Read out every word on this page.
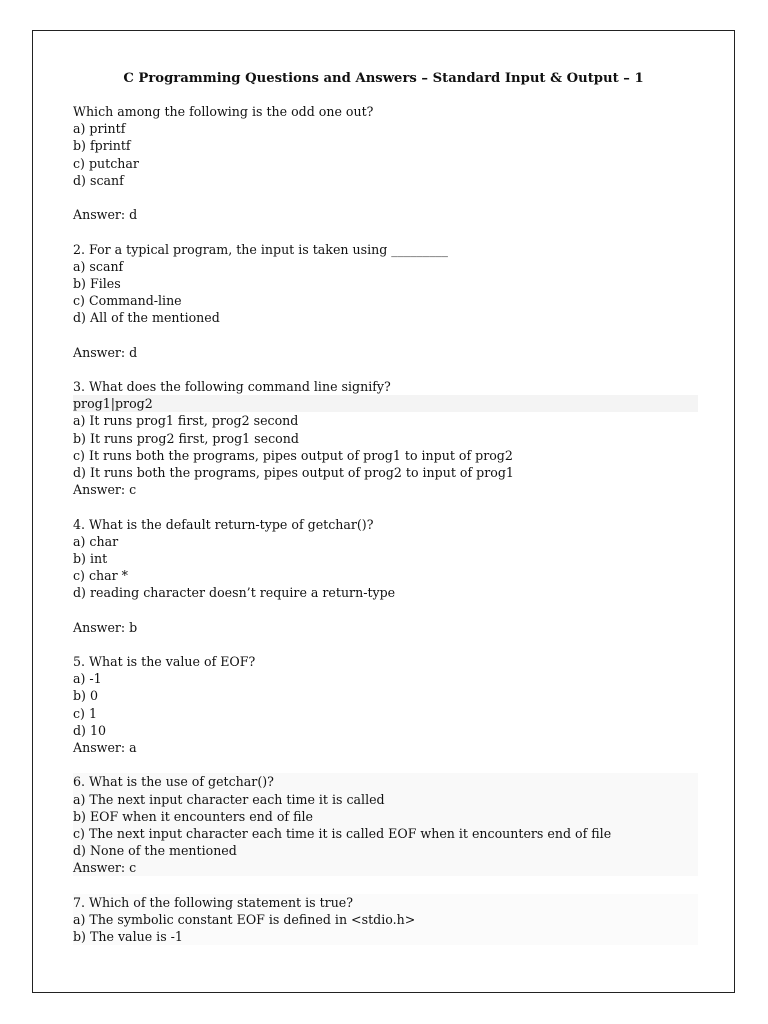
C Programming Questions and Answers – Standard Input & Output – 1
Which among the following is the odd one out?
a) printf
b) fprintf
c) putchar
d) scanf
Answer: d
2. For a typical program, the input is taken using _________
a) scanf
b) Files
c) Command-line
d) All of the mentioned
Answer: d
3. What does the following command line signify?
prog1|prog2
a) It runs prog1 first, prog2 second
b) It runs prog2 first, prog1 second
c) It runs both the programs, pipes output of prog1 to input of prog2
d) It runs both the programs, pipes output of prog2 to input of prog1
Answer: c
4. What is the default return-type of getchar()?
a) char
b) int
c) char *
d) reading character doesn’t require a return-type
Answer: b
5. What is the value of EOF?
a) -1
b) 0
c) 1
d) 10
Answer: a
6. What is the use of getchar()?
a) The next input character each time it is called
b) EOF when it encounters end of file
c) The next input character each time it is called EOF when it encounters end of file
d) None of the mentioned
Answer: c
7. Which of the following statement is true?
a) The symbolic constant EOF is defined in <stdio.h>
b) The value is -1
